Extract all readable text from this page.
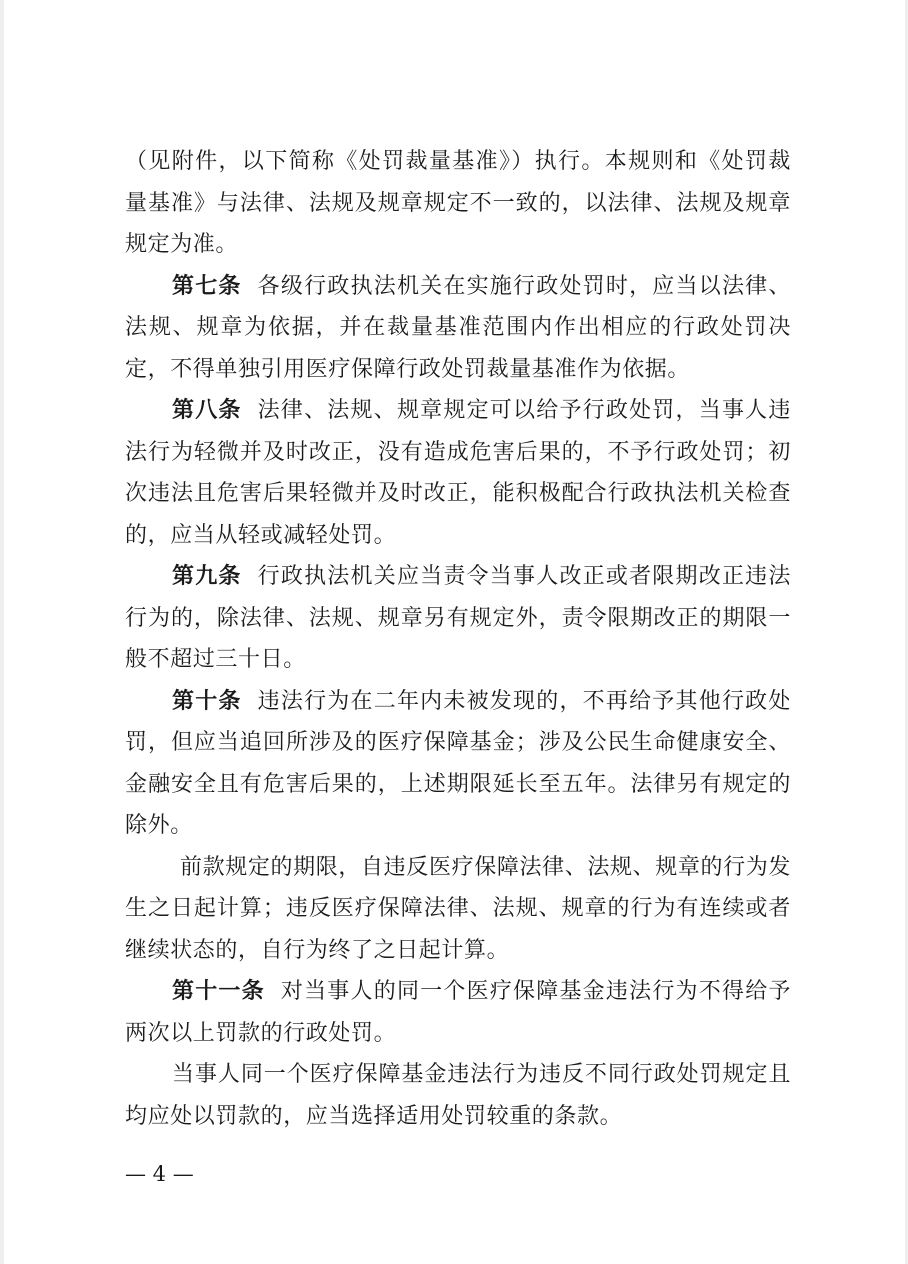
（见附件，以下简称《处罚裁量基准》）执行。本规则和《处罚裁量基准》与法律、法规及规章规定不一致的，以法律、法规及规章规定为准。

第七条 各级行政执法机关在实施行政处罚时，应当以法律、法规、规章为依据，并在裁量基准范围内作出相应的行政处罚决定，不得单独引用医疗保障行政处罚裁量基准作为依据。

第八条 法律、法规、规章规定可以给予行政处罚，当事人违法行为轻微并及时改正，没有造成危害后果的，不予行政处罚；初次违法且危害后果轻微并及时改正，能积极配合行政执法机关检查的，应当从轻或减轻处罚。

第九条 行政执法机关应当责令当事人改正或者限期改正违法行为的，除法律、法规、规章另有规定外，责令限期改正的期限一般不超过三十日。

第十条 违法行为在二年内未被发现的，不再给予其他行政处罚，但应当追回所涉及的医疗保障基金；涉及公民生命健康安全、金融安全且有危害后果的，上述期限延长至五年。法律另有规定的除外。

前款规定的期限，自违反医疗保障法律、法规、规章的行为发生之日起计算；违反医疗保障法律、法规、规章的行为有连续或者继续状态的，自行为终了之日起计算。

第十一条 对当事人的同一个医疗保障基金违法行为不得给予两次以上罚款的行政处罚。

当事人同一个医疗保障基金违法行为违反不同行政处罚规定且均应处以罚款的，应当选择适用处罚较重的条款。

— 4 —
